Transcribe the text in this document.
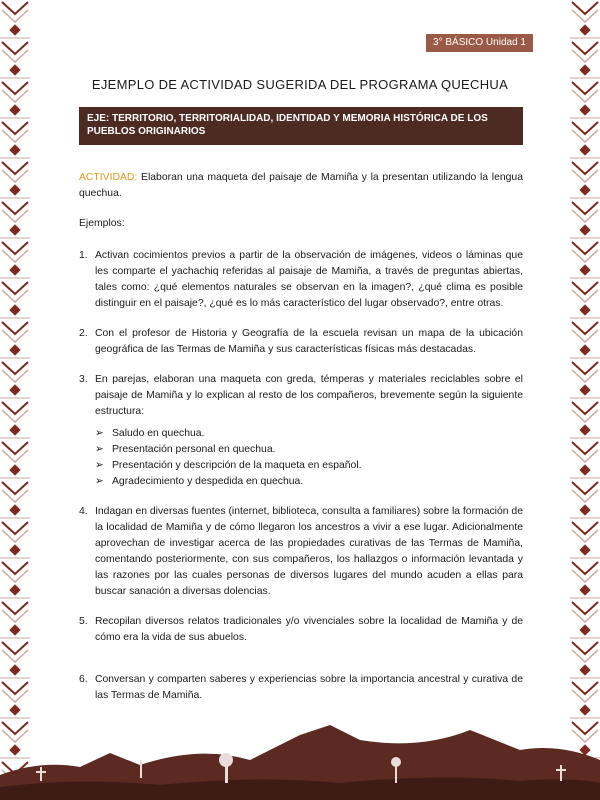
3° BÁSICO Unidad 1
EJEMPLO DE ACTIVIDAD SUGERIDA DEL PROGRAMA QUECHUA
EJE: TERRITORIO, TERRITORIALIDAD, IDENTIDAD Y MEMORIA HISTÓRICA DE LOS PUEBLOS ORIGINARIOS

ACTIVIDAD: Elaboran una maqueta del paisaje de Mamiña y la presentan utilizando la lengua quechua.

Ejemplos:

1. Activan cocimientos previos a partir de la observación de imágenes, videos o láminas que les comparte el yachachiq referidas al paisaje de Mamiña, a través de preguntas abiertas, tales como: ¿qué elementos naturales se observan en la imagen?, ¿qué clima es posible distinguir en el paisaje?, ¿qué es lo más característico del lugar observado?, entre otras.
2. Con el profesor de Historia y Geografía de la escuela revisan un mapa de la ubicación geográfica de las Termas de Mamiña y sus características físicas más destacadas.
3. En parejas, elaboran una maqueta con greda, témperas y materiales reciclables sobre el paisaje de Mamiña y lo explican al resto de los compañeros, brevemente según la siguiente estructura:
➢ Saludo en quechua.
➢ Presentación personal en quechua.
➢ Presentación y descripción de la maqueta en español.
➢ Agradecimiento y despedida en quechua.
4. Indagan en diversas fuentes (internet, biblioteca, consulta a familiares) sobre la formación de la localidad de Mamiña y de cómo llegaron los ancestros a vivir a ese lugar. Adicionalmente aprovechan de investigar acerca de las propiedades curativas de las Termas de Mamiña, comentando posteriormente, con sus compañeros, los hallazgos o información levantada y las razones por las cuales personas de diversos lugares del mundo acuden a ellas para buscar sanación a diversas dolencias.
5. Recopilan diversos relatos tradicionales y/o vivenciales sobre la localidad de Mamiña y de cómo era la vida de sus abuelos.
6. Conversan y comparten saberes y experiencias sobre la importancia ancestral y curativa de las Termas de Mamiña.
